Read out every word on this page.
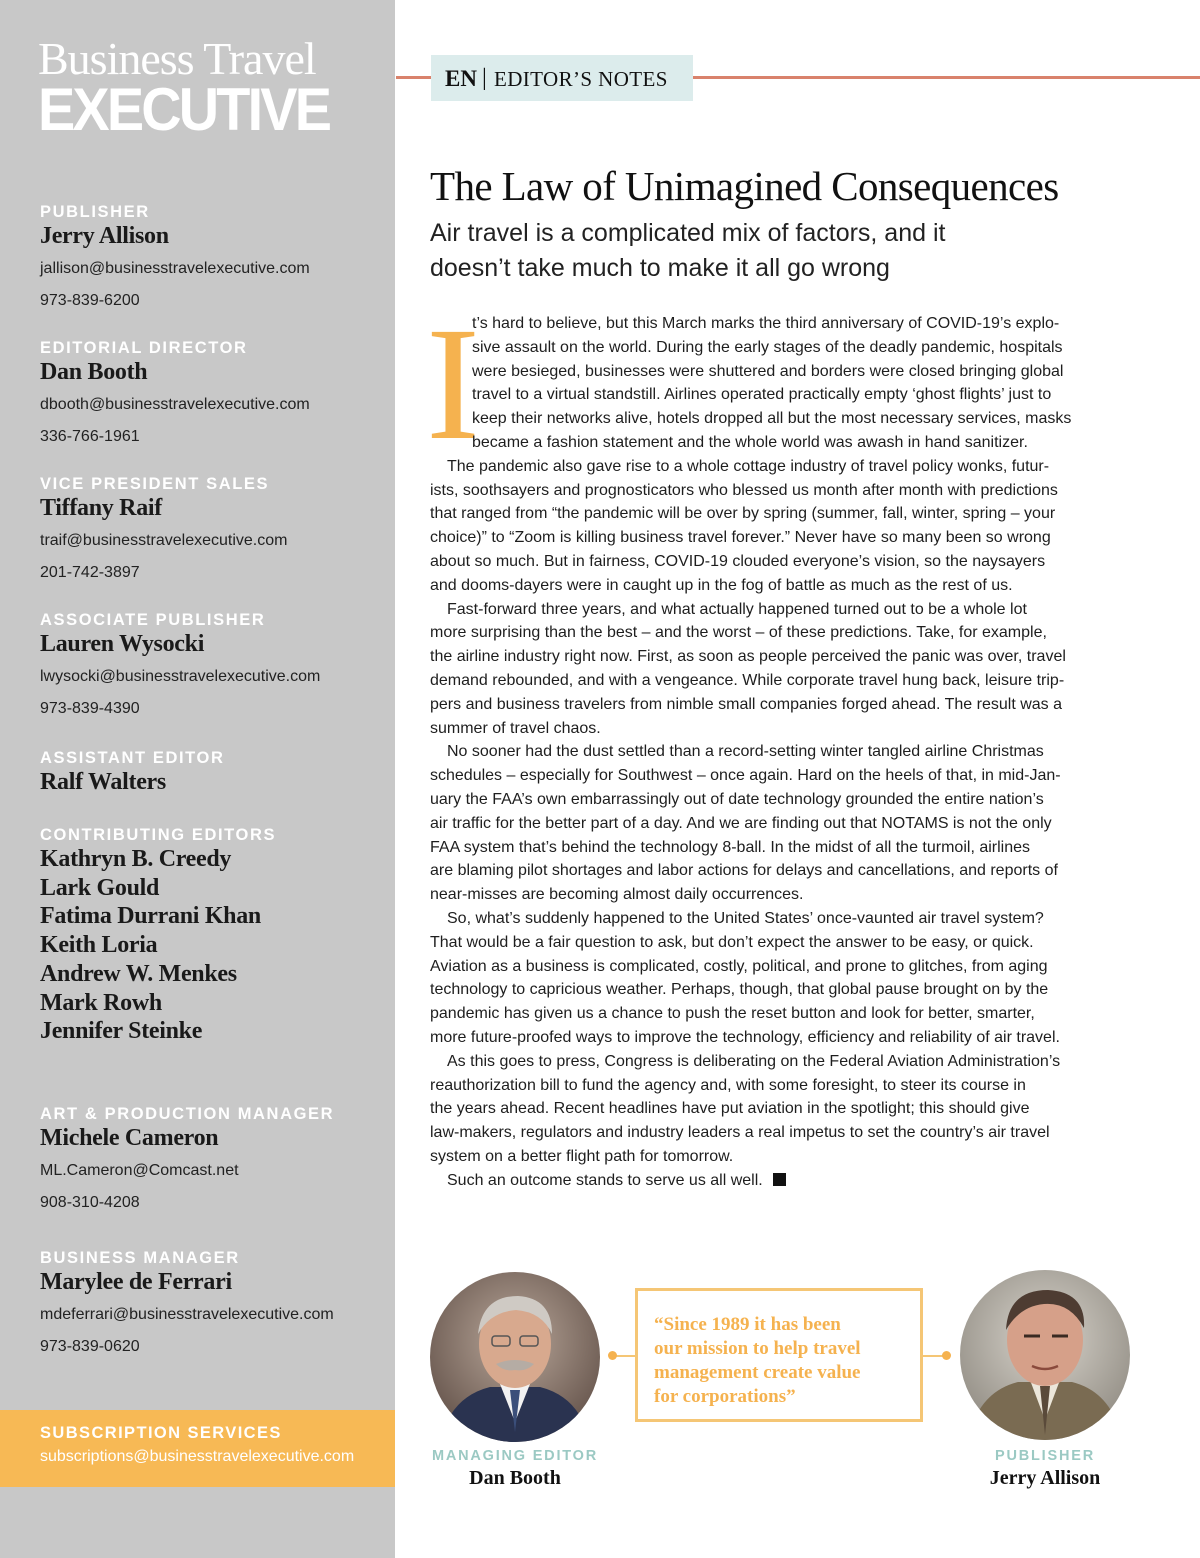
Business Travel
EXECUTIVE
PUBLISHER
Jerry Allison
jallison@businesstravelexecutive.com
973-839-6200
EDITORIAL DIRECTOR
Dan Booth
dbooth@businesstravelexecutive.com
336-766-1961
VICE PRESIDENT SALES
Tiffany Raif
traif@businesstravelexecutive.com
201-742-3897
ASSOCIATE PUBLISHER
Lauren Wysocki
lwysocki@businesstravelexecutive.com
973-839-4390
ASSISTANT EDITOR
Ralf Walters
CONTRIBUTING EDITORS
Kathryn B. Creedy
Lark Gould
Fatima Durrani Khan
Keith Loria
Andrew W. Menkes
Mark Rowh
Jennifer Steinke
ART & PRODUCTION MANAGER
Michele Cameron
ML.Cameron@Comcast.net
908-310-4208
BUSINESS MANAGER
Marylee de Ferrari
mdeferrari@businesstravelexecutive.com
973-839-0620
SUBSCRIPTION SERVICES
subscriptions@businesstravelexecutive.com
EN | EDITOR’S NOTES
The Law of Unimagined Consequences
Air travel is a complicated mix of factors, and it
doesn’t take much to make it all go wrong
I

t’s hard to believe, but this March marks the third anniversary of COVID-19’s explo-
sive assault on the world. During the early stages of the deadly pandemic, hospitals
were besieged, businesses were shuttered and borders were closed bringing global
travel to a virtual standstill. Airlines operated practically empty ‘ghost flights’ just to
keep their networks alive, hotels dropped all but the most necessary services, masks
became a fashion statement and the whole world was awash in hand sanitizer.

The pandemic also gave rise to a whole cottage industry of travel policy wonks, futur-
ists, soothsayers and prognosticators who blessed us month after month with predictions
that ranged from “the pandemic will be over by spring (summer, fall, winter, spring – your
choice)” to “Zoom is killing business travel forever.” Never have so many been so wrong
about so much. But in fairness, COVID-19 clouded everyone’s vision, so the naysayers
and dooms-dayers were in caught up in the fog of battle as much as the rest of us.

Fast-forward three years, and what actually happened turned out to be a whole lot
more surprising than the best – and the worst – of these predictions. Take, for example,
the airline industry right now. First, as soon as people perceived the panic was over, travel
demand rebounded, and with a vengeance. While corporate travel hung back, leisure trip-
pers and business travelers from nimble small companies forged ahead. The result was a
summer of travel chaos.

No sooner had the dust settled than a record-setting winter tangled airline Christmas
schedules – especially for Southwest – once again. Hard on the heels of that, in mid-Jan-
uary the FAA’s own embarrassingly out of date technology grounded the entire nation’s
air traffic for the better part of a day. And we are finding out that NOTAMS is not the only
FAA system that’s behind the technology 8-ball. In the midst of all the turmoil, airlines
are blaming pilot shortages and labor actions for delays and cancellations, and reports of
near-misses are becoming almost daily occurrences.

So, what’s suddenly happened to the United States’ once-vaunted air travel system?
That would be a fair question to ask, but don’t expect the answer to be easy, or quick.
Aviation as a business is complicated, costly, political, and prone to glitches, from aging
technology to capricious weather. Perhaps, though, that global pause brought on by the
pandemic has given us a chance to push the reset button and look for better, smarter,
more future-proofed ways to improve the technology, efficiency and reliability of air travel.

As this goes to press, Congress is deliberating on the Federal Aviation Administration’s
reauthorization bill to fund the agency and, with some foresight, to steer its course in
the years ahead. Recent headlines have put aviation in the spotlight; this should give
law-makers, regulators and industry leaders a real impetus to set the country’s air travel
system on a better flight path for tomorrow.

Such an outcome stands to serve us all well.

“Since 1989 it has been
our mission to help travel
management create value
for corporations”
MANAGING EDITOR
Dan Booth
PUBLISHER
Jerry Allison
